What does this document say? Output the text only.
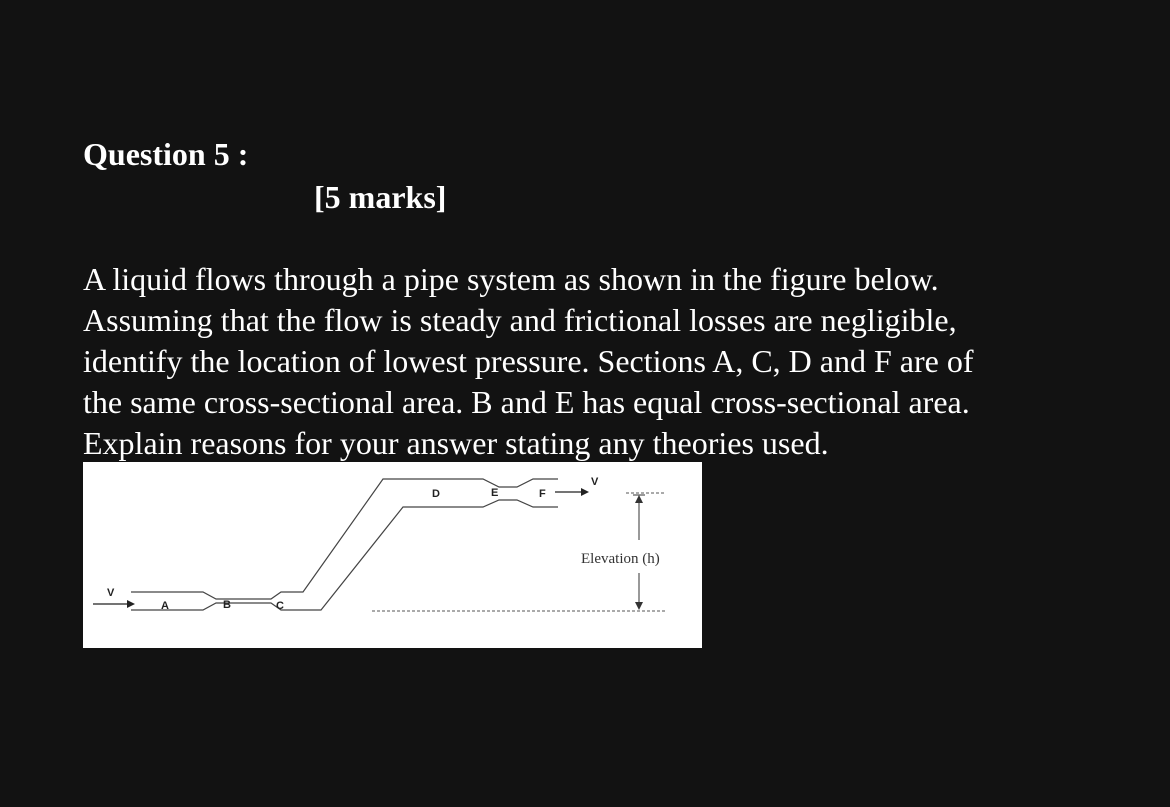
Question 5 :
[5 marks]

A liquid flows through a pipe system as shown in the figure below.
Assuming that the flow is steady and frictional losses are negligible,
identify the location of lowest pressure. Sections A, C, D and F are of
the same cross-sectional area. B and E has equal cross-sectional area.
Explain reasons for your answer stating any theories used.

V
A	B	C
D	E	F
V
Elevation (h)
